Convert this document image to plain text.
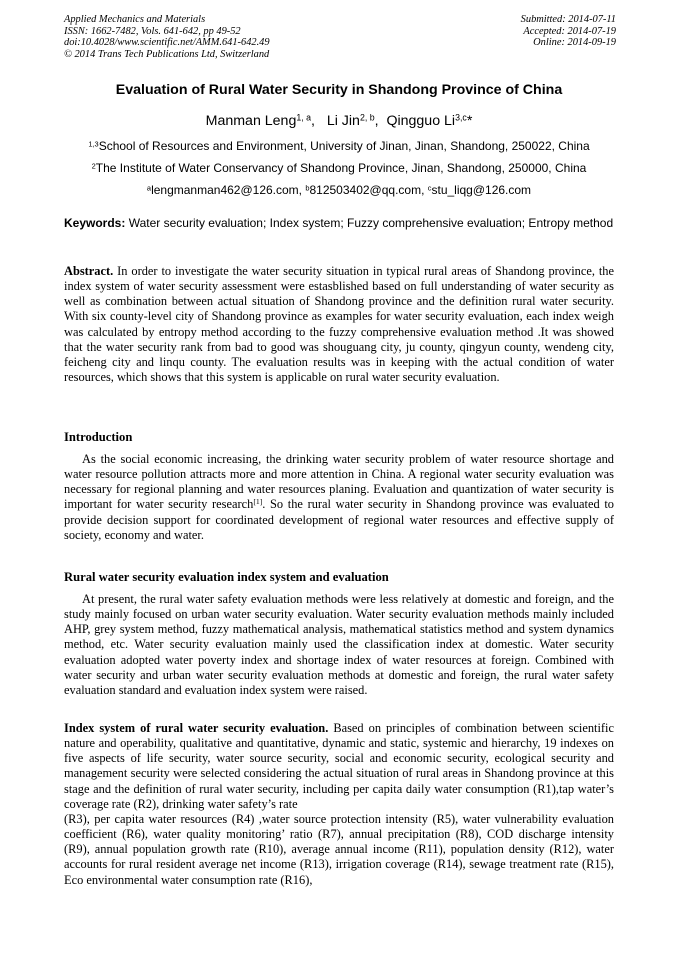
Applied Mechanics and Materials
ISSN: 1662-7482, Vols. 641-642, pp 49-52
doi:10.4028/www.scientific.net/AMM.641-642.49
© 2014 Trans Tech Publications Ltd, Switzerland
Submitted: 2014-07-11
Accepted: 2014-07-19
Online: 2014-09-19
Evaluation of Rural Water Security in Shandong Province of China
Manman Leng$^{1, a}$,   Li Jin$^{2, b}$,  Qingguo Li$^{3,c}$*
$^{1,3}$School of Resources and Environment, University of Jinan, Jinan, Shandong, 250022, China
$^2$The Institute of Water Conservancy of Shandong Province, Jinan, Shandong, 250000, China
$^a$lengmanman462@126.com, $^b$812503402@qq.com, $^c$stu_liqg@126.com
Keywords: Water security evaluation; Index system; Fuzzy comprehensive evaluation; Entropy method
Abstract. In order to investigate the water security situation in typical rural areas of Shandong province, the index system of water security assessment were estasblished based on full understanding of water security as well as combination between actual situation of Shandong province and the definition rural water security. With six county-level city of Shandong province as examples for water security evaluation, each index weigh was calculated by entropy method according to the fuzzy comprehensive evaluation method .It was showed that the water security rank from bad to good was shouguang city, ju county, qingyun county, wendeng city, feicheng city and linqu county. The evaluation results was in keeping with the actual condition of water resources, which shows that this system is applicable on rural water security evaluation.
Introduction
As the social economic increasing, the drinking water security problem of water resource shortage and water resource pollution attracts more and more attention in China. A regional water security evaluation was necessary for regional planning and water resources planing. Evaluation and quantization of water security is important for water security research[1]. So the rural water security in Shandong province was evaluated to provide decision support for coordinated development of regional water resources and effective supply of society, economy and water.
Rural water security evaluation index system and evaluation
At present, the rural water safety evaluation methods were less relatively at domestic and foreign, and the study mainly focused on urban water security evaluation. Water security evaluation methods mainly included AHP, grey system method, fuzzy mathematical analysis, mathematical statistics method and system dynamics method, etc. Water security evaluation mainly used the classification index at domestic. Water security evaluation adopted water poverty index and shortage index of water resources at foreign. Combined with water security and urban water security evaluation methods at domestic and foreign, the rural water safety evaluation standard and evaluation index system were raised.
Index system of rural water security evaluation. Based on principles of combination between scientific nature and operability, qualitative and quantitative, dynamic and static, systemic and hierarchy, 19 indexes on five aspects of life security, water source security, social and economic security, ecological security and management security were selected considering the actual situation of rural areas in Shandong province at this stage and the definition of rural water security, including per capita daily water consumption (R1),tap water’s coverage rate (R2), drinking water safety’s rate
(R3), per capita water resources (R4) ,water source protection intensity (R5), water vulnerability evaluation coefficient (R6), water quality monitoring’ ratio (R7), annual precipitation (R8), COD discharge intensity (R9), annual population growth rate (R10), average annual income (R11), population density (R12), water accounts for rural resident average net income (R13), irrigation coverage (R14), sewage treatment rate (R15), Eco environmental water consumption rate (R16),
